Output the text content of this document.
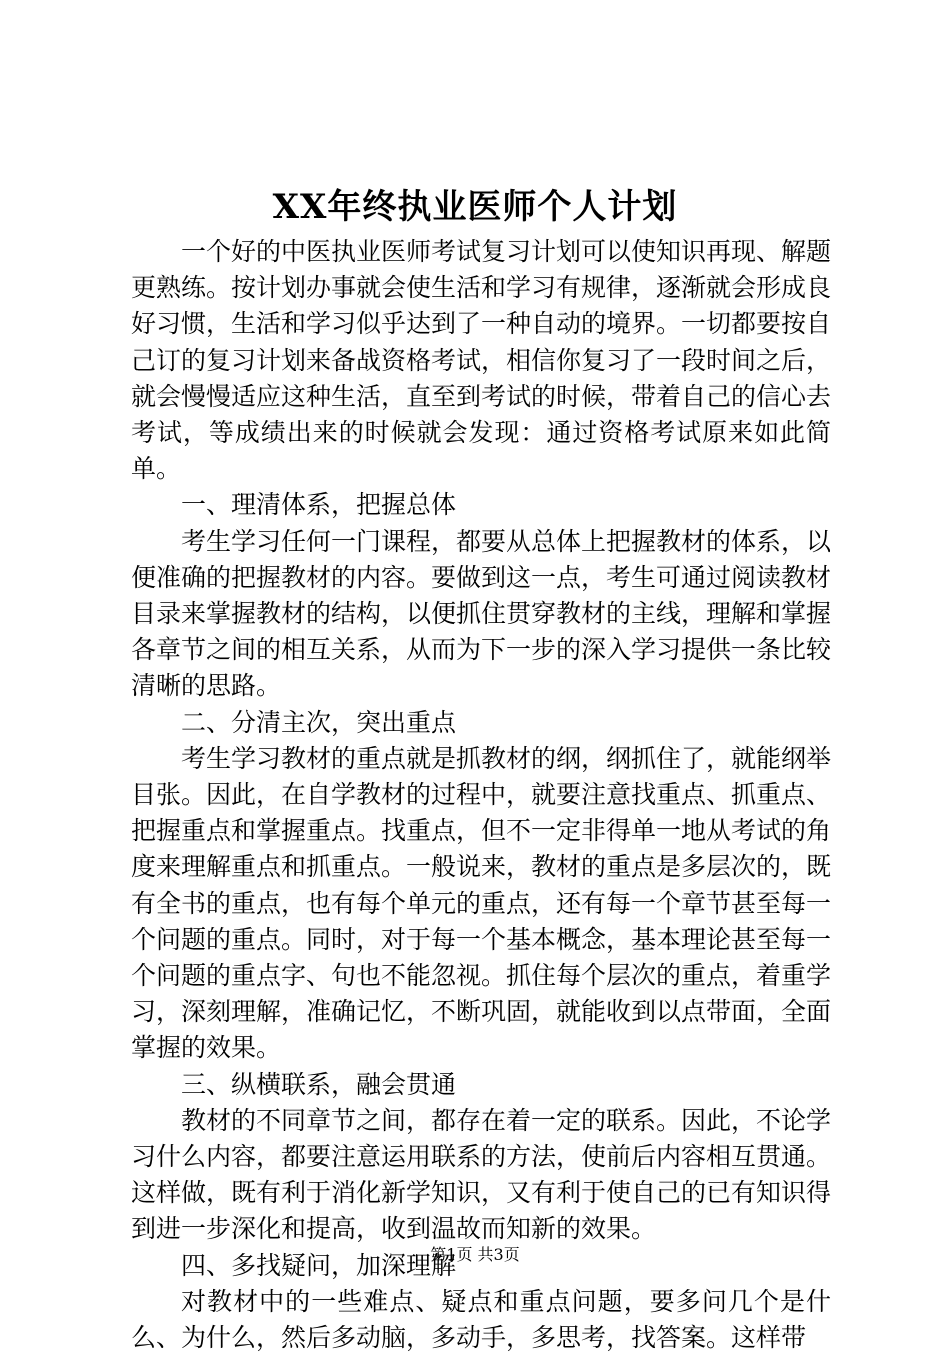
XX年终执业医师个人计划

一个好的中医执业医师考试复习计划可以使知识再现、解题更熟练。按计划办事就会使生活和学习有规律，逐渐就会形成良好习惯，生活和学习似乎达到了一种自动的境界。一切都要按自己订的复习计划来备战资格考试，相信你复习了一段时间之后，就会慢慢适应这种生活，直至到考试的时候，带着自己的信心去考试，等成绩出来的时候就会发现：通过资格考试原来如此简单。

一、理清体系，把握总体

考生学习任何一门课程，都要从总体上把握教材的体系，以便准确的把握教材的内容。要做到这一点，考生可通过阅读教材目录来掌握教材的结构，以便抓住贯穿教材的主线，理解和掌握各章节之间的相互关系，从而为下一步的深入学习提供一条比较清晰的思路。

二、分清主次，突出重点

考生学习教材的重点就是抓教材的纲，纲抓住了，就能纲举目张。因此，在自学教材的过程中，就要注意找重点、抓重点、把握重点和掌握重点。找重点，但不一定非得单一地从考试的角度来理解重点和抓重点。一般说来，教材的重点是多层次的，既有全书的重点，也有每个单元的重点，还有每一个章节甚至每一个问题的重点。同时，对于每一个基本概念，基本理论甚至每一个问题的重点字、句也不能忽视。抓住每个层次的重点，着重学习，深刻理解，准确记忆，不断巩固，就能收到以点带面，全面掌握的效果。

三、纵横联系，融会贯通

教材的不同章节之间，都存在着一定的联系。因此，不论学习什么内容，都要注意运用联系的方法，使前后内容相互贯通。这样做，既有利于消化新学知识，又有利于使自己的已有知识得到进一步深化和提高，收到温故而知新的效果。

四、多找疑问，加深理解

对教材中的一些难点、疑点和重点问题，要多问几个是什么、为什么，然后多动脑，多动手，多思考，找答案。这样带

第1页 共3页
